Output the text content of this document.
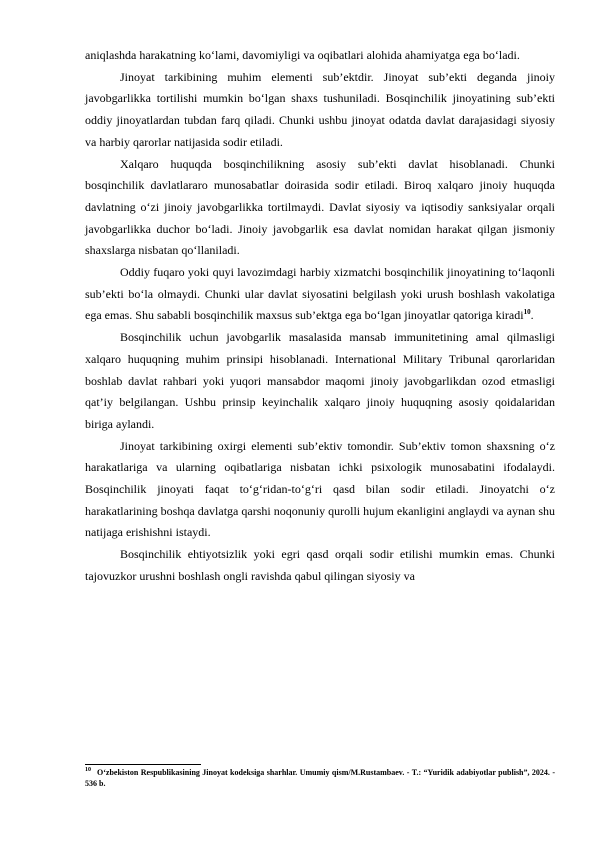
aniqlashda harakatning ko‘lami, davomiyligi va oqibatlari alohida ahamiyatga ega bo‘ladi.

Jinoyat tarkibining muhim elementi sub’ektdir. Jinoyat sub’ekti deganda jinoiy javobgarlikka tortilishi mumkin bo‘lgan shaxs tushuniladi. Bosqinchilik jinoyatining sub’ekti oddiy jinoyatlardan tubdan farq qiladi. Chunki ushbu jinoyat odatda davlat darajasidagi siyosiy va harbiy qarorlar natijasida sodir etiladi.

Xalqaro huquqda bosqinchilikning asosiy sub’ekti davlat hisoblanadi. Chunki bosqinchilik davlatlararo munosabatlar doirasida sodir etiladi. Biroq xalqaro jinoiy huquqda davlatning o‘zi jinoiy javobgarlikka tortilmaydi. Davlat siyosiy va iqtisodiy sanksiyalar orqali javobgarlikka duchor bo‘ladi. Jinoiy javobgarlik esa davlat nomidan harakat qilgan jismoniy shaxslarga nisbatan qo‘llaniladi.

Oddiy fuqaro yoki quyi lavozimdagi harbiy xizmatchi bosqinchilik jinoyatining to‘laqonli sub’ekti bo‘la olmaydi. Chunki ular davlat siyosatini belgilash yoki urush boshlash vakolatiga ega emas. Shu sababli bosqinchilik maxsus sub’ektga ega bo‘lgan jinoyatlar qatoriga kiradi$^{10}$.

Bosqinchilik uchun javobgarlik masalasida mansab immunitetining amal qilmasligi xalqaro huquqning muhim prinsipi hisoblanadi. International Military Tribunal qarorlaridan boshlab davlat rahbari yoki yuqori mansabdor maqomi jinoiy javobgarlikdan ozod etmasligi qat’iy belgilangan. Ushbu prinsip keyinchalik xalqaro jinoiy huquqning asosiy qoidalaridan biriga aylandi.

Jinoyat tarkibining oxirgi elementi sub’ektiv tomondir. Sub’ektiv tomon shaxsning o‘z harakatlariga va ularning oqibatlariga nisbatan ichki psixologik munosabatini ifodalaydi. Bosqinchilik jinoyati faqat to‘g‘ridan-to‘g‘ri qasd bilan sodir etiladi. Jinoyatchi o‘z harakatlarining boshqa davlatga qarshi noqonuniy qurolli hujum ekanligini anglaydi va aynan shu natijaga erishishni istaydi.

Bosqinchilik ehtiyotsizlik yoki egri qasd orqali sodir etilishi mumkin emas. Chunki tajovuzkor urushni boshlash ongli ravishda qabul qilingan siyosiy va

$^{10}$ O‘zbekiston Respublikasining Jinoyat kodeksiga sharhlar. Umumiy qism/M.Rustambaev. - T.: “Yuridik adabiyotlar publish”, 2024. - 536 b.
